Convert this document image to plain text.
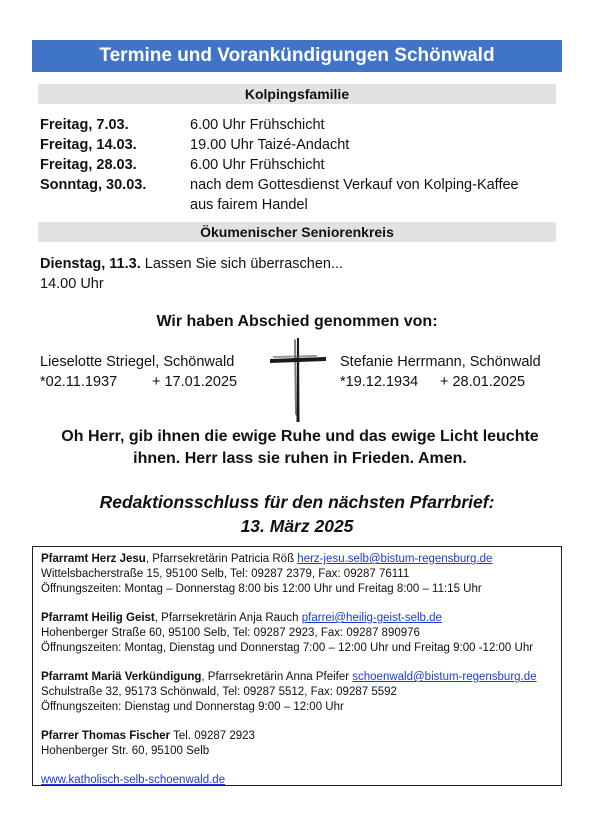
Termine und Vorankündigungen Schönwald
Kolpingsfamilie
Freitag, 7.03.	6.00 Uhr Frühschicht
Freitag, 14.03.	19.00 Uhr Taizé-Andacht
Freitag, 28.03.	6.00 Uhr Frühschicht
Sonntag, 30.03.	nach dem Gottesdienst Verkauf von Kolping-Kaffee aus fairem Handel
Ökumenischer Seniorenkreis
Dienstag, 11.3. Lassen Sie sich überraschen...
14.00 Uhr
Wir haben Abschied genommen von:
Lieselotte Striegel, Schönwald
*02.11.1937	+ 17.01.2025
Stefanie Herrmann, Schönwald
*19.12.1934	+ 28.01.2025
Oh Herr, gib ihnen die ewige Ruhe und das ewige Licht leuchte
ihnen. Herr lass sie ruhen in Frieden. Amen.
Redaktionsschluss für den nächsten Pfarrbrief:
13. März 2025
Pfarramt Herz Jesu, Pfarrsekretärin Patricia Röß herz-jesu.selb@bistum-regensburg.de
Wittelsbacherstraße 15, 95100 Selb, Tel: 09287 2379, Fax: 09287 76111
Öffnungszeiten: Montag – Donnerstag 8:00 bis 12:00 Uhr und Freitag 8:00 – 11:15 Uhr
Pfarramt Heilig Geist, Pfarrsekretärin Anja Rauch pfarrei@heilig-geist-selb.de
Hohenberger Straße 60, 95100 Selb, Tel: 09287 2923, Fax: 09287 890976
Öffnungszeiten: Montag, Dienstag und Donnerstag 7:00 – 12:00 Uhr und Freitag 9:00 -12:00 Uhr
Pfarramt Mariä Verkündigung, Pfarrsekretärin Anna Pfeifer schoenwald@bistum-regensburg.de
Schulstraße 32, 95173 Schönwald, Tel: 09287 5512, Fax: 09287 5592
Öffnungszeiten: Dienstag und Donnerstag 9:00 – 12:00 Uhr
Pfarrer Thomas Fischer Tel. 09287 2923
Hohenberger Str. 60, 95100 Selb
www.katholisch-selb-schoenwald.de
